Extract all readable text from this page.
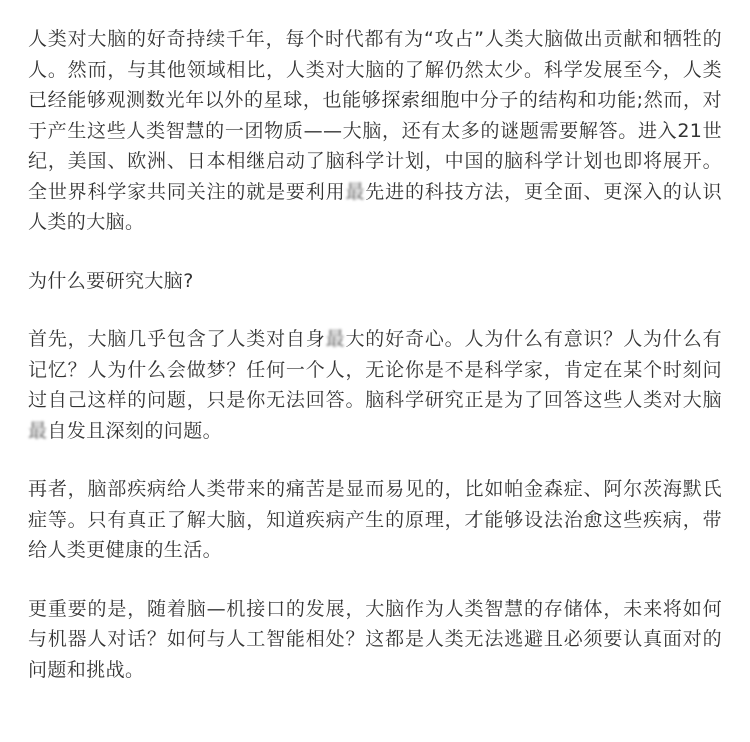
人类对大脑的好奇持续千年，每个时代都有为“攻占”人类大脑做出贡献和牺牲的人。然而，与其他领域相比，人类对大脑的了解仍然太少。科学发展至今，人类已经能够观测数光年以外的星球，也能够探索细胞中分子的结构和功能;然而，对于产生这些人类智慧的一团物质——大脑，还有太多的谜题需要解答。进入21世纪，美国、欧洲、日本相继启动了脑科学计划，中国的脑科学计划也即将展开。全世界科学家共同关注的就是要利用最先进的科技方法，更全面、更深入的认识人类的大脑。

为什么要研究大脑?

首先，大脑几乎包含了人类对自身最大的好奇心。人为什么有意识？人为什么有记忆？人为什么会做梦？任何一个人，无论你是不是科学家，肯定在某个时刻问过自己这样的问题，只是你无法回答。脑科学研究正是为了回答这些人类对大脑最自发且深刻的问题。

再者，脑部疾病给人类带来的痛苦是显而易见的，比如帕金森症、阿尔茨海默氏症等。只有真正了解大脑，知道疾病产生的原理，才能够设法治愈这些疾病，带给人类更健康的生活。

更重要的是，随着脑—机接口的发展，大脑作为人类智慧的存储体，未来将如何与机器人对话？如何与人工智能相处？这都是人类无法逃避且必须要认真面对的问题和挑战。
